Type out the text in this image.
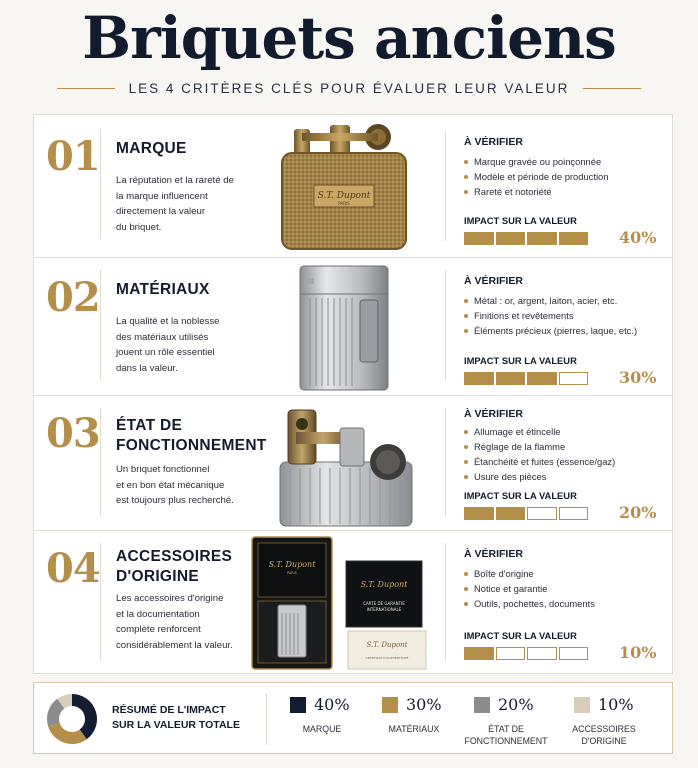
Briquets anciens
LES 4 CRITÈRES CLÉS POUR ÉVALUER LEUR VALEUR
01 MARQUE
La réputation et la rareté de
la marque influencent
directement la valeur
du briquet.
S.T. Dupont
PARIS
À VÉRIFIER
Marque gravée ou poinçonnée
Modèle et période de production
Rareté et notoriété
IMPACT SUR LA VALEUR
40%
02 MATÉRIAUX
La qualité et la noblesse
des matériaux utilisés
jouent un rôle essentiel
dans la valeur.
À VÉRIFIER
Métal : or, argent, laiton, acier, etc.
Finitions et revêtements
Éléments précieux (pierres, laque, etc.)
IMPACT SUR LA VALEUR
30%
03 ÉTAT DE
FONCTIONNEMENT
Un briquet fonctionnel
et en bon état mécanique
est toujours plus recherché.
À VÉRIFIER
Allumage et étincelle
Réglage de la flamme
Étanchéité et fuites (essence/gaz)
Usure des pièces
IMPACT SUR LA VALEUR
20%
04 ACCESSOIRES
D'ORIGINE
Les accessoires d'origine
et la documentation
complète renforcent
considérablement la valeur.
S.T. Dupont
PARIS
S.T. Dupont
CARTE DE GARANTIE
INTERNATIONALE
S.T. Dupont
CERTIFICAT D'AUTHENTICITÉ
À VÉRIFIER
Boîte d'origine
Notice et garantie
Outils, pochettes, documents
IMPACT SUR LA VALEUR
10%
RÉSUMÉ DE L'IMPACT
SUR LA VALEUR TOTALE
40%
MARQUE
30%
MATÉRIAUX
20%
ÉTAT DE
FONCTIONNEMENT
10%
ACCESSOIRES
D'ORIGINE
